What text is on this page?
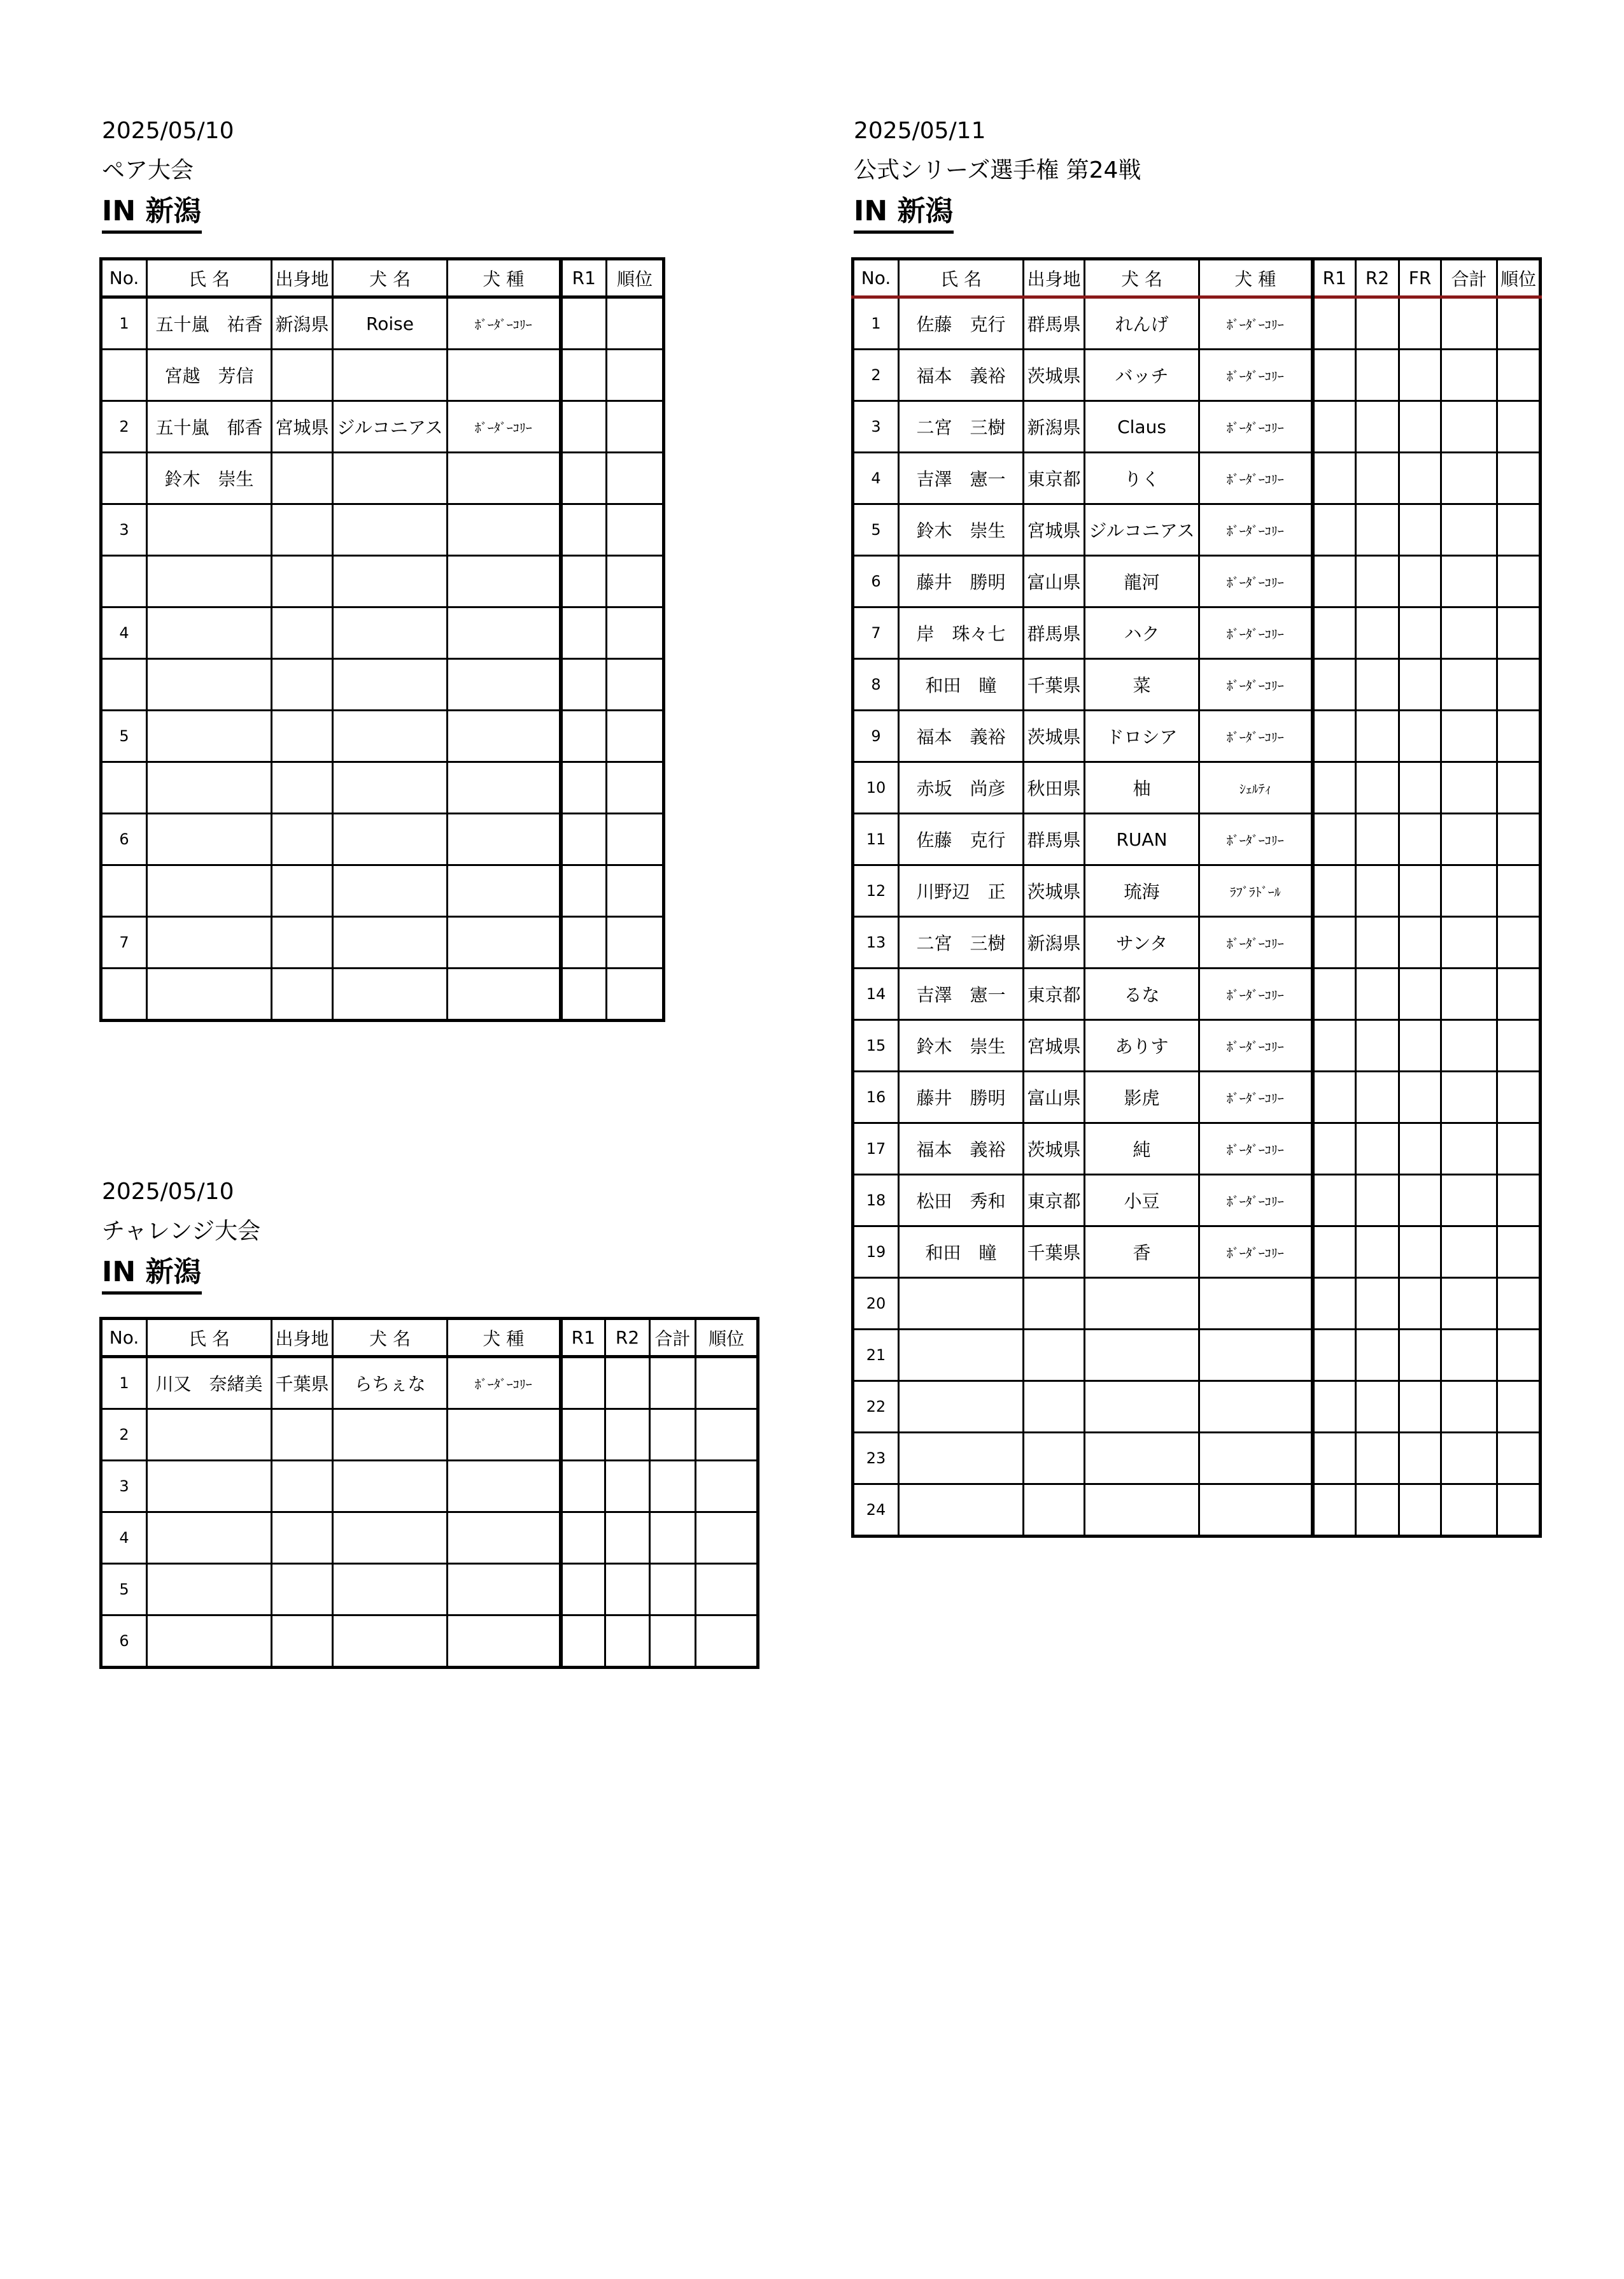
2025/05/10
ペア大会
IN 新潟
No.	氏 名	出身地	犬 名	犬 種	R1	順位
1	五十嵐　祐香	新潟県	Roise	ﾎﾞｰﾀﾞｰｺﾘｰ		
	宮越　芳信					
2	五十嵐　郁香	宮城県	ジルコニアス	ﾎﾞｰﾀﾞｰｺﾘｰ		
	鈴木　崇生					
3						

4						

5						

6						

7						

2025/05/10
チャレンジ大会
IN 新潟
No.	氏 名	出身地	犬 名	犬 種	R1	R2	合計	順位
1	川又　奈緒美	千葉県	らちぇな	ﾎﾞｰﾀﾞｰｺﾘｰ				
2								
3								
4								
5								
6								
2025/05/11
公式シリーズ選手権 第24戦
IN 新潟
No.	氏 名	出身地	犬 名	犬 種	R1	R2	FR	合計	順位
1	佐藤　克行	群馬県	れんげ	ﾎﾞｰﾀﾞｰｺﾘｰ					
2	福本　義裕	茨城県	バッチ	ﾎﾞｰﾀﾞｰｺﾘｰ					
3	二宮　三樹	新潟県	Claus	ﾎﾞｰﾀﾞｰｺﾘｰ					
4	吉澤　憲一	東京都	りく	ﾎﾞｰﾀﾞｰｺﾘｰ					
5	鈴木　崇生	宮城県	ジルコニアス	ﾎﾞｰﾀﾞｰｺﾘｰ					
6	藤井　勝明	富山県	龍河	ﾎﾞｰﾀﾞｰｺﾘｰ					
7	岸　珠々七	群馬県	ハク	ﾎﾞｰﾀﾞｰｺﾘｰ					
8	和田　瞳	千葉県	菜	ﾎﾞｰﾀﾞｰｺﾘｰ					
9	福本　義裕	茨城県	ドロシア	ﾎﾞｰﾀﾞｰｺﾘｰ					
10	赤坂　尚彦	秋田県	柚	ｼｪﾙﾃｨ					
11	佐藤　克行	群馬県	RUAN	ﾎﾞｰﾀﾞｰｺﾘｰ					
12	川野辺　正	茨城県	琉海	ﾗﾌﾞﾗﾄﾞｰﾙ					
13	二宮　三樹	新潟県	サンタ	ﾎﾞｰﾀﾞｰｺﾘｰ					
14	吉澤　憲一	東京都	るな	ﾎﾞｰﾀﾞｰｺﾘｰ					
15	鈴木　崇生	宮城県	ありす	ﾎﾞｰﾀﾞｰｺﾘｰ					
16	藤井　勝明	富山県	影虎	ﾎﾞｰﾀﾞｰｺﾘｰ					
17	福本　義裕	茨城県	純	ﾎﾞｰﾀﾞｰｺﾘｰ					
18	松田　秀和	東京都	小豆	ﾎﾞｰﾀﾞｰｺﾘｰ					
19	和田　瞳	千葉県	香	ﾎﾞｰﾀﾞｰｺﾘｰ					
20									
21									
22									
23									
24									
